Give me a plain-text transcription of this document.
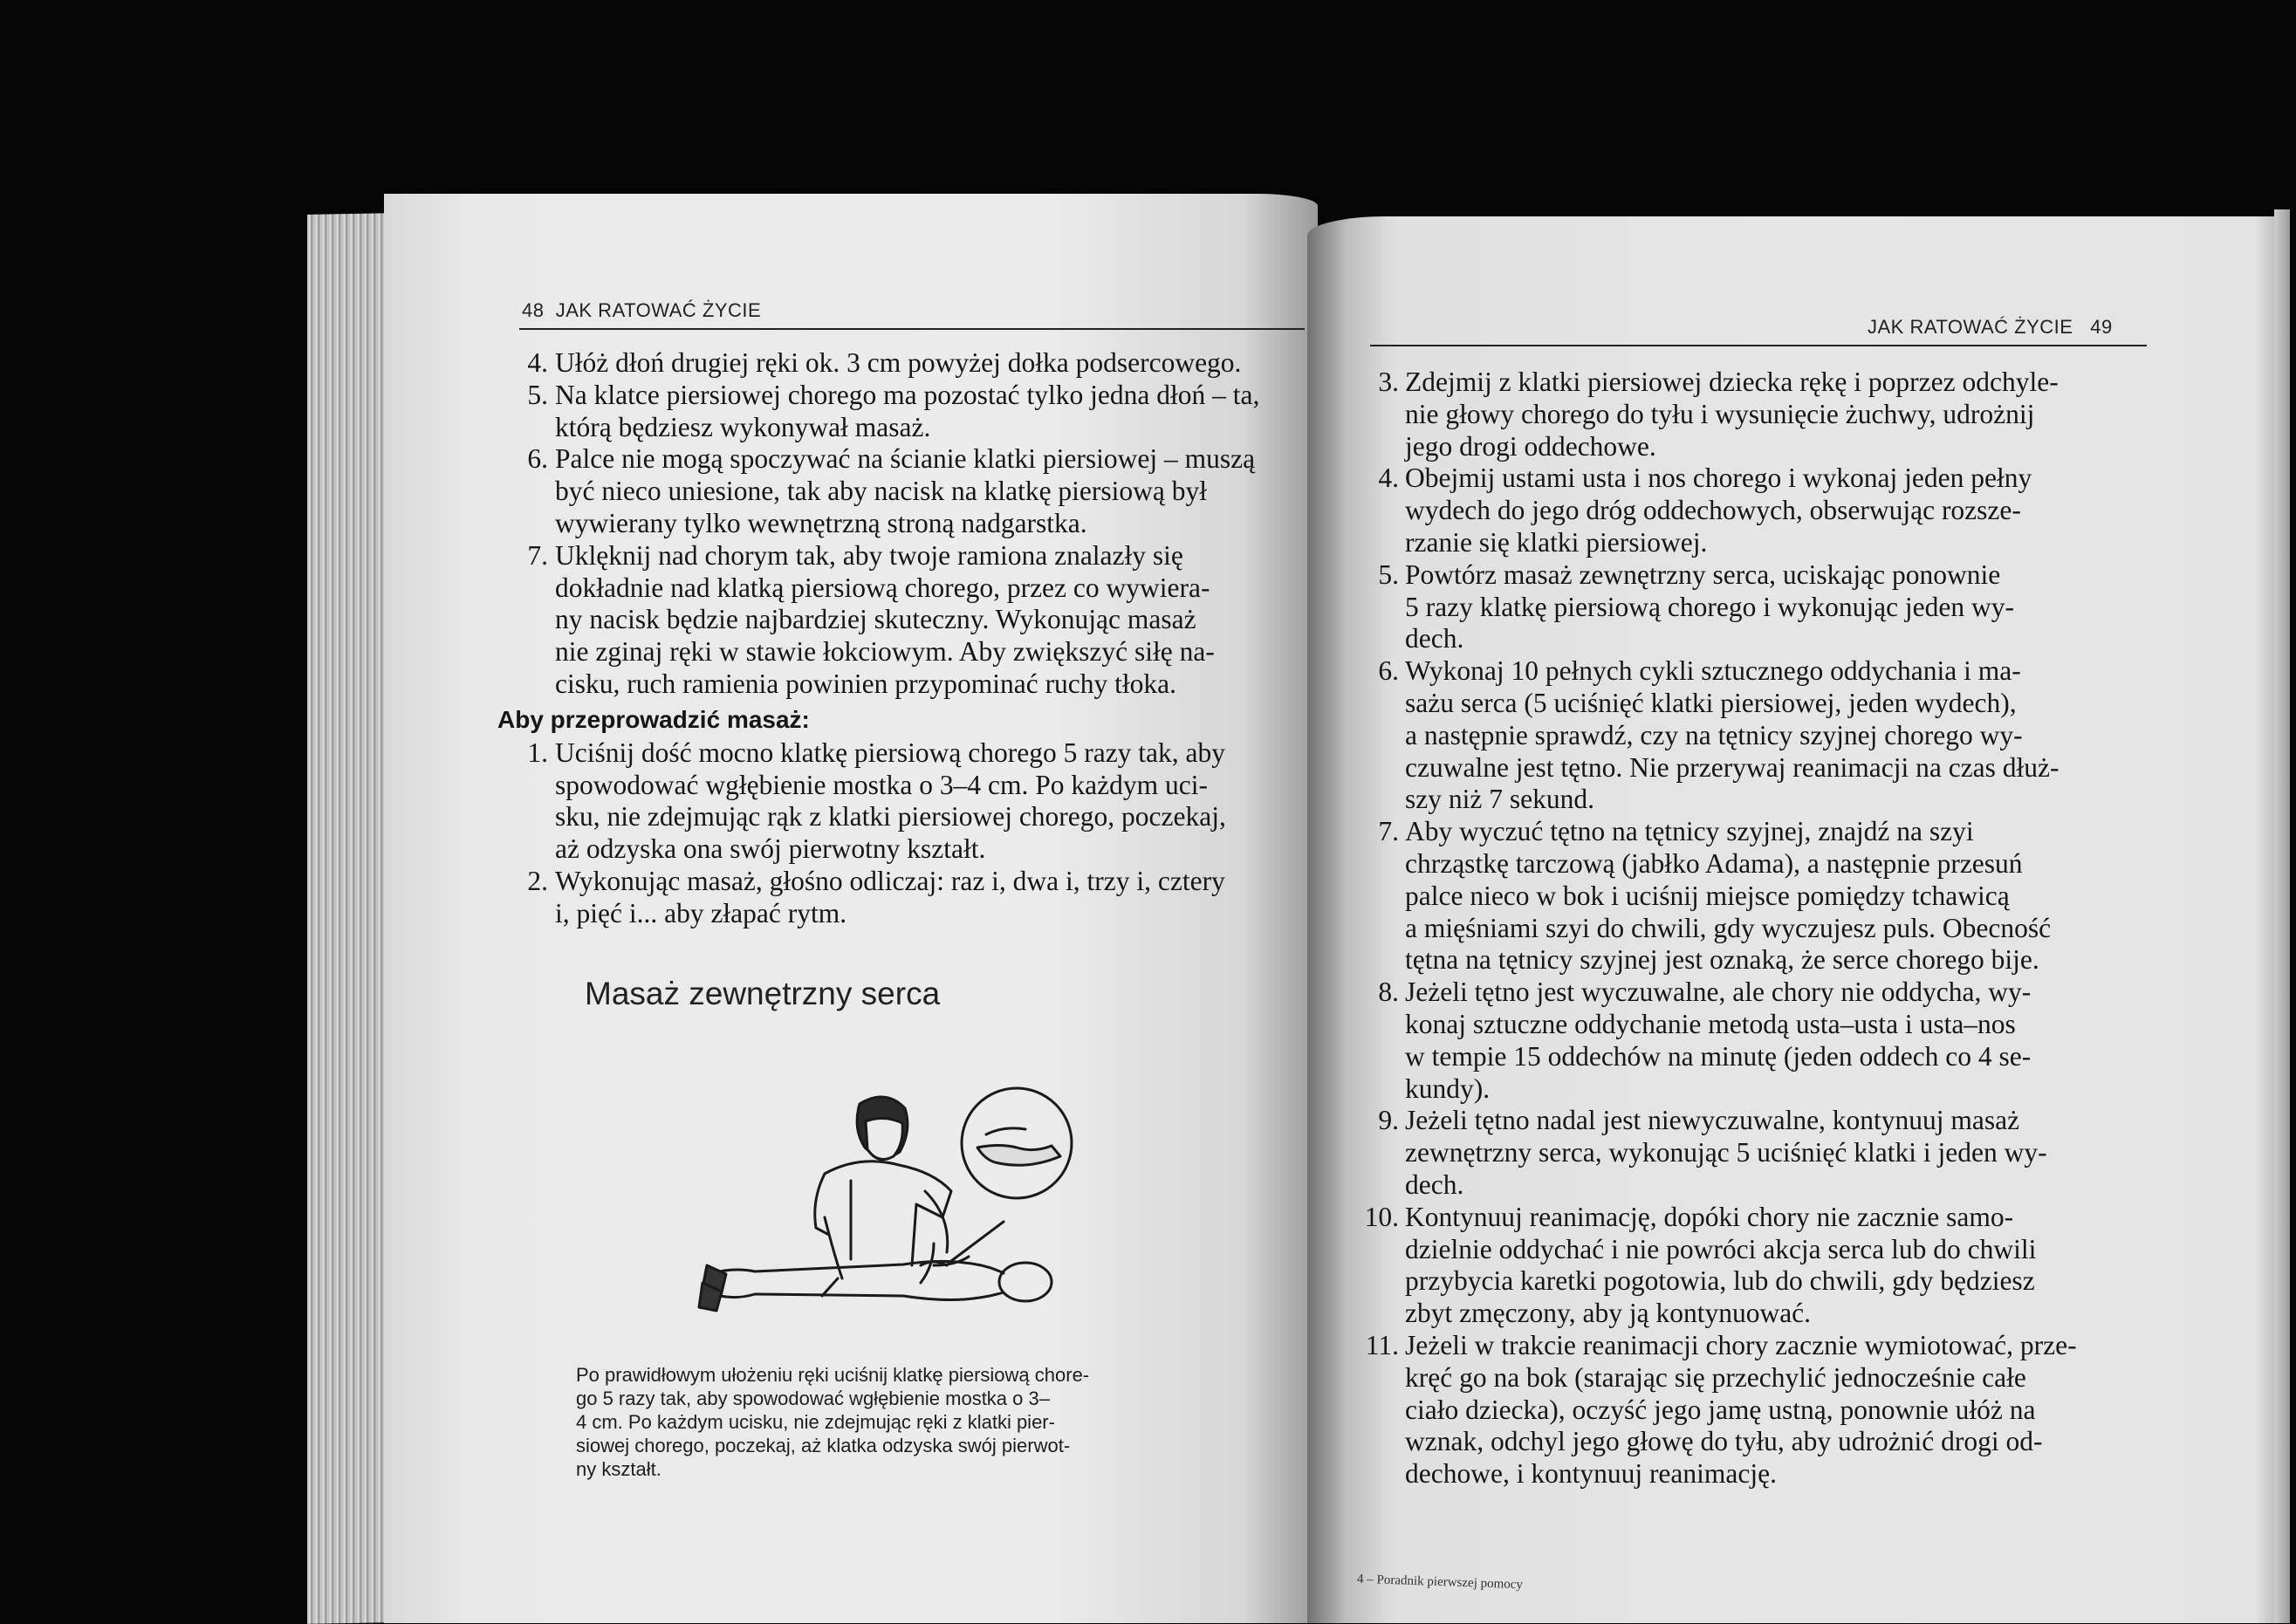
48 JAK RATOWAĆ ŻYCIE
4. Ułóż dłoń drugiej ręki ok. 3 cm powyżej dołka podsercowego.
5. Na klatce piersiowej chorego ma pozostać tylko jedna dłoń – ta,
którą będziesz wykonywał masaż.
6. Palce nie mogą spoczywać na ścianie klatki piersiowej – muszą
być nieco uniesione, tak aby nacisk na klatkę piersiową był
wywierany tylko wewnętrzną stroną nadgarstka.
7. Uklęknij nad chorym tak, aby twoje ramiona znalazły się
dokładnie nad klatką piersiową chorego, przez co wywiera-
ny nacisk będzie najbardziej skuteczny. Wykonując masaż
nie zginaj ręki w stawie łokciowym. Aby zwiększyć siłę na-
cisku, ruch ramienia powinien przypominać ruchy tłoka.
Aby przeprowadzić masaż:
1. Uciśnij dość mocno klatkę piersiową chorego 5 razy tak, aby
spowodować wgłębienie mostka o 3–4 cm. Po każdym uci-
sku, nie zdejmując rąk z klatki piersiowej chorego, poczekaj,
aż odzyska ona swój pierwotny kształt.
2. Wykonując masaż, głośno odliczaj: raz i, dwa i, trzy i, cztery
i, pięć i... aby złapać rytm.
Masaż zewnętrzny serca
Po prawidłowym ułożeniu ręki uciśnij klatkę piersiową chore-
go 5 razy tak, aby spowodować wgłębienie mostka o 3–
4 cm. Po każdym ucisku, nie zdejmując ręki z klatki pier-
siowej chorego, poczekaj, aż klatka odzyska swój pierwot-
ny kształt.
JAK RATOWAĆ ŻYCIE 49
3. Zdejmij z klatki piersiowej dziecka rękę i poprzez odchyle-
nie głowy chorego do tyłu i wysunięcie żuchwy, udrożnij
jego drogi oddechowe.
4. Obejmij ustami usta i nos chorego i wykonaj jeden pełny
wydech do jego dróg oddechowych, obserwując rozsze-
rzanie się klatki piersiowej.
5. Powtórz masaż zewnętrzny serca, uciskając ponownie
5 razy klatkę piersiową chorego i wykonując jeden wy-
dech.
6. Wykonaj 10 pełnych cykli sztucznego oddychania i ma-
sażu serca (5 uciśnięć klatki piersiowej, jeden wydech),
a następnie sprawdź, czy na tętnicy szyjnej chorego wy-
czuwalne jest tętno. Nie przerywaj reanimacji na czas dłuż-
szy niż 7 sekund.
7. Aby wyczuć tętno na tętnicy szyjnej, znajdź na szyi
chrząstkę tarczową (jabłko Adama), a następnie przesuń
palce nieco w bok i uciśnij miejsce pomiędzy tchawicą
a mięśniami szyi do chwili, gdy wyczujesz puls. Obecność
tętna na tętnicy szyjnej jest oznaką, że serce chorego bije.
8. Jeżeli tętno jest wyczuwalne, ale chory nie oddycha, wy-
konaj sztuczne oddychanie metodą usta–usta i usta–nos
w tempie 15 oddechów na minutę (jeden oddech co 4 se-
kundy).
9. Jeżeli tętno nadal jest niewyczuwalne, kontynuuj masaż
zewnętrzny serca, wykonując 5 uciśnięć klatki i jeden wy-
dech.
10. Kontynuuj reanimację, dopóki chory nie zacznie samo-
dzielnie oddychać i nie powróci akcja serca lub do chwili
przybycia karetki pogotowia, lub do chwili, gdy będziesz
zbyt zmęczony, aby ją kontynuować.
11. Jeżeli w trakcie reanimacji chory zacznie wymiotować, prze-
kręć go na bok (starając się przechylić jednocześnie całe
ciało dziecka), oczyść jego jamę ustną, ponownie ułóż na
wznak, odchyl jego głowę do tyłu, aby udrożnić drogi od-
dechowe, i kontynuuj reanimację.
4 – Poradnik pierwszej pomocy
